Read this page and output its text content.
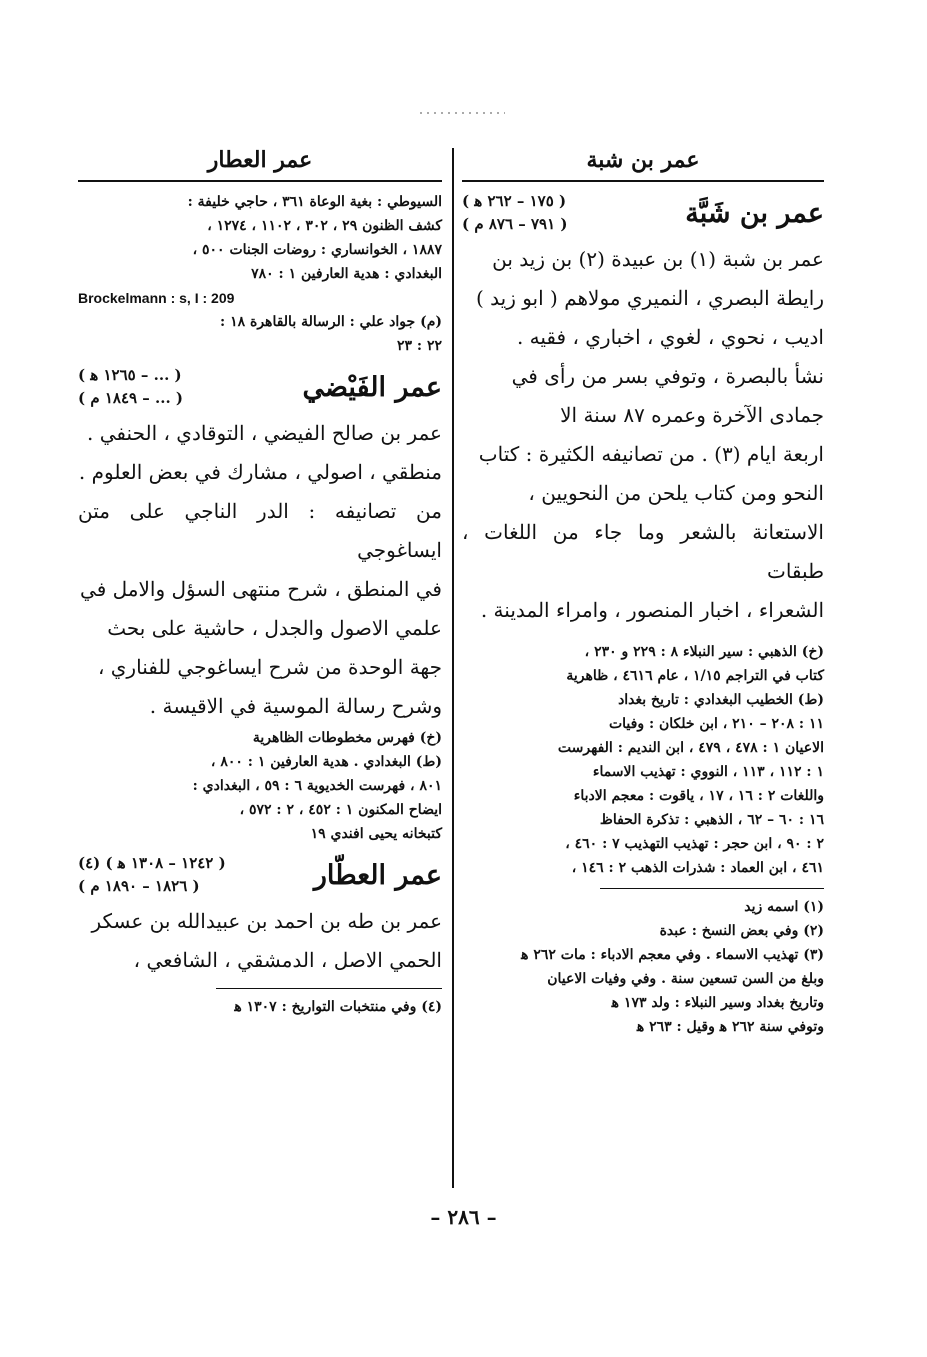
عمر بن شبة
عمر بن شَبَّة
( ١٧٥ – ٢٦٢ ﻫ )
( ٧٩١ – ٨٧٦ م )
عمر بن شبة (١) بن عبيدة (٢) بن زيد بن
رايطة البصري ، النميري مولاهم ( ابو زيد )
اديب ، نحوي ، لغوي ، اخباري ، فقيه .
نشأ بالبصرة ، وتوفي بسر من رأى في
جمادى الآخرة وعمره ٨٧ سنة الا
اربعة ايام (٣) . من تصانيفه الكثيرة : كتاب
النحو ومن كتاب يلحن من النحويين ،
الاستعانة بالشعر وما جاء من اللغات ، طبقات
الشعراء ، اخبار المنصور ، وامراء المدينة .
(خ) الذهبي : سير النبلاء ٨ : ٢٢٩ و ٢٣٠ ،
كتاب في التراجم ١/١٥ ، عام ٤٦١٦ ، ظاهرية
(ط) الخطيب البغدادي : تاريخ بغداد
١١ : ٢٠٨ – ٢١٠ ، ابن خلكان : وفيات
الاعيان ١ : ٤٧٨ ، ٤٧٩ ، ابن النديم : الفهرست
١ : ١١٢ ، ١١٣ ، النووي : تهذيب الاسماء
واللغات ٢ : ١٦ ، ١٧ ، ياقوت : معجم الادباء
١٦ : ٦٠ – ٦٢ ، الذهبي : تذكرة الحفاظ
٢ : ٩٠ ، ابن حجر : تهذيب التهذيب ٧ : ٤٦٠ ،
٤٦١ ، ابن العماد : شذرات الذهب ٢ : ١٤٦ ،
(١) اسمه زيد
(٢) وفي بعض النسخ : عبدة
(٣) تهذيب الاسماء . وفي معجم الادباء : مات ٢٦٢ ﻫ
وبلغ من السن تسعين سنة . وفي وفيات الاعيان
وتاريخ بغداد وسير النبلاء : ولد ١٧٣ ﻫ
وتوفي سنة ٢٦٢ ﻫ وقيل : ٢٦٣ ﻫ
عمر العطار
السيوطي : بغية الوعاة ٣٦١ ، حاجي خليفة :
كشف الظنون ٢٩ ، ٣٠٢ ، ١١٠٢ ، ١٢٧٤ ،
١٨٨٧ ، الخوانساري : روضات الجنات ٥٠٠ ،
البغدادي : هدية العارفين ١ : ٧٨٠
Brockelmann : s, I : 209
(م) جواد علي : الرسالة بالقاهرة ١٨ :
٢٢ : ٢٣
عمر الفَيْضي
( ... – ١٢٦٥ ﻫ )
( ... – ١٨٤٩ م )
عمر بن صالح الفيضي ، التوقادي ، الحنفي .
منطقي ، اصولي ، مشارك في بعض العلوم .
من تصانيفه : الدر الناجي على متن ايساغوجي
في المنطق ، شرح منتهى السؤل والامل في
علمي الاصول والجدل ، حاشية على بحث
جهة الوحدة من شرح ايساغوجي للفناري ،
وشرح رسالة الموسية في الاقيسة .
(خ) فهرس مخطوطات الظاهرية
(ط) البغدادي . هدية العارفين ١ : ٨٠٠ ،
٨٠١ ، فهرست الخديوية ٦ : ٥٩ ، البغدادي :
ايضاح المكنون ١ : ٤٥٢ ، ٢ : ٥٧٢ ،
كتبخانه يحيى افندي ١٩
عمر العطّار
( ١٢٤٢ – ١٣٠٨ ﻫ ) (٤)
( ١٨٢٦ – ١٨٩٠ م )
عمر بن طه بن احمد بن عبيدالله بن عسكر
الحمي الاصل ، الدمشقي ، الشافعي ،
(٤) وفي منتخبات التواريخ : ١٣٠٧ ﻫ
– ٢٨٦ –
